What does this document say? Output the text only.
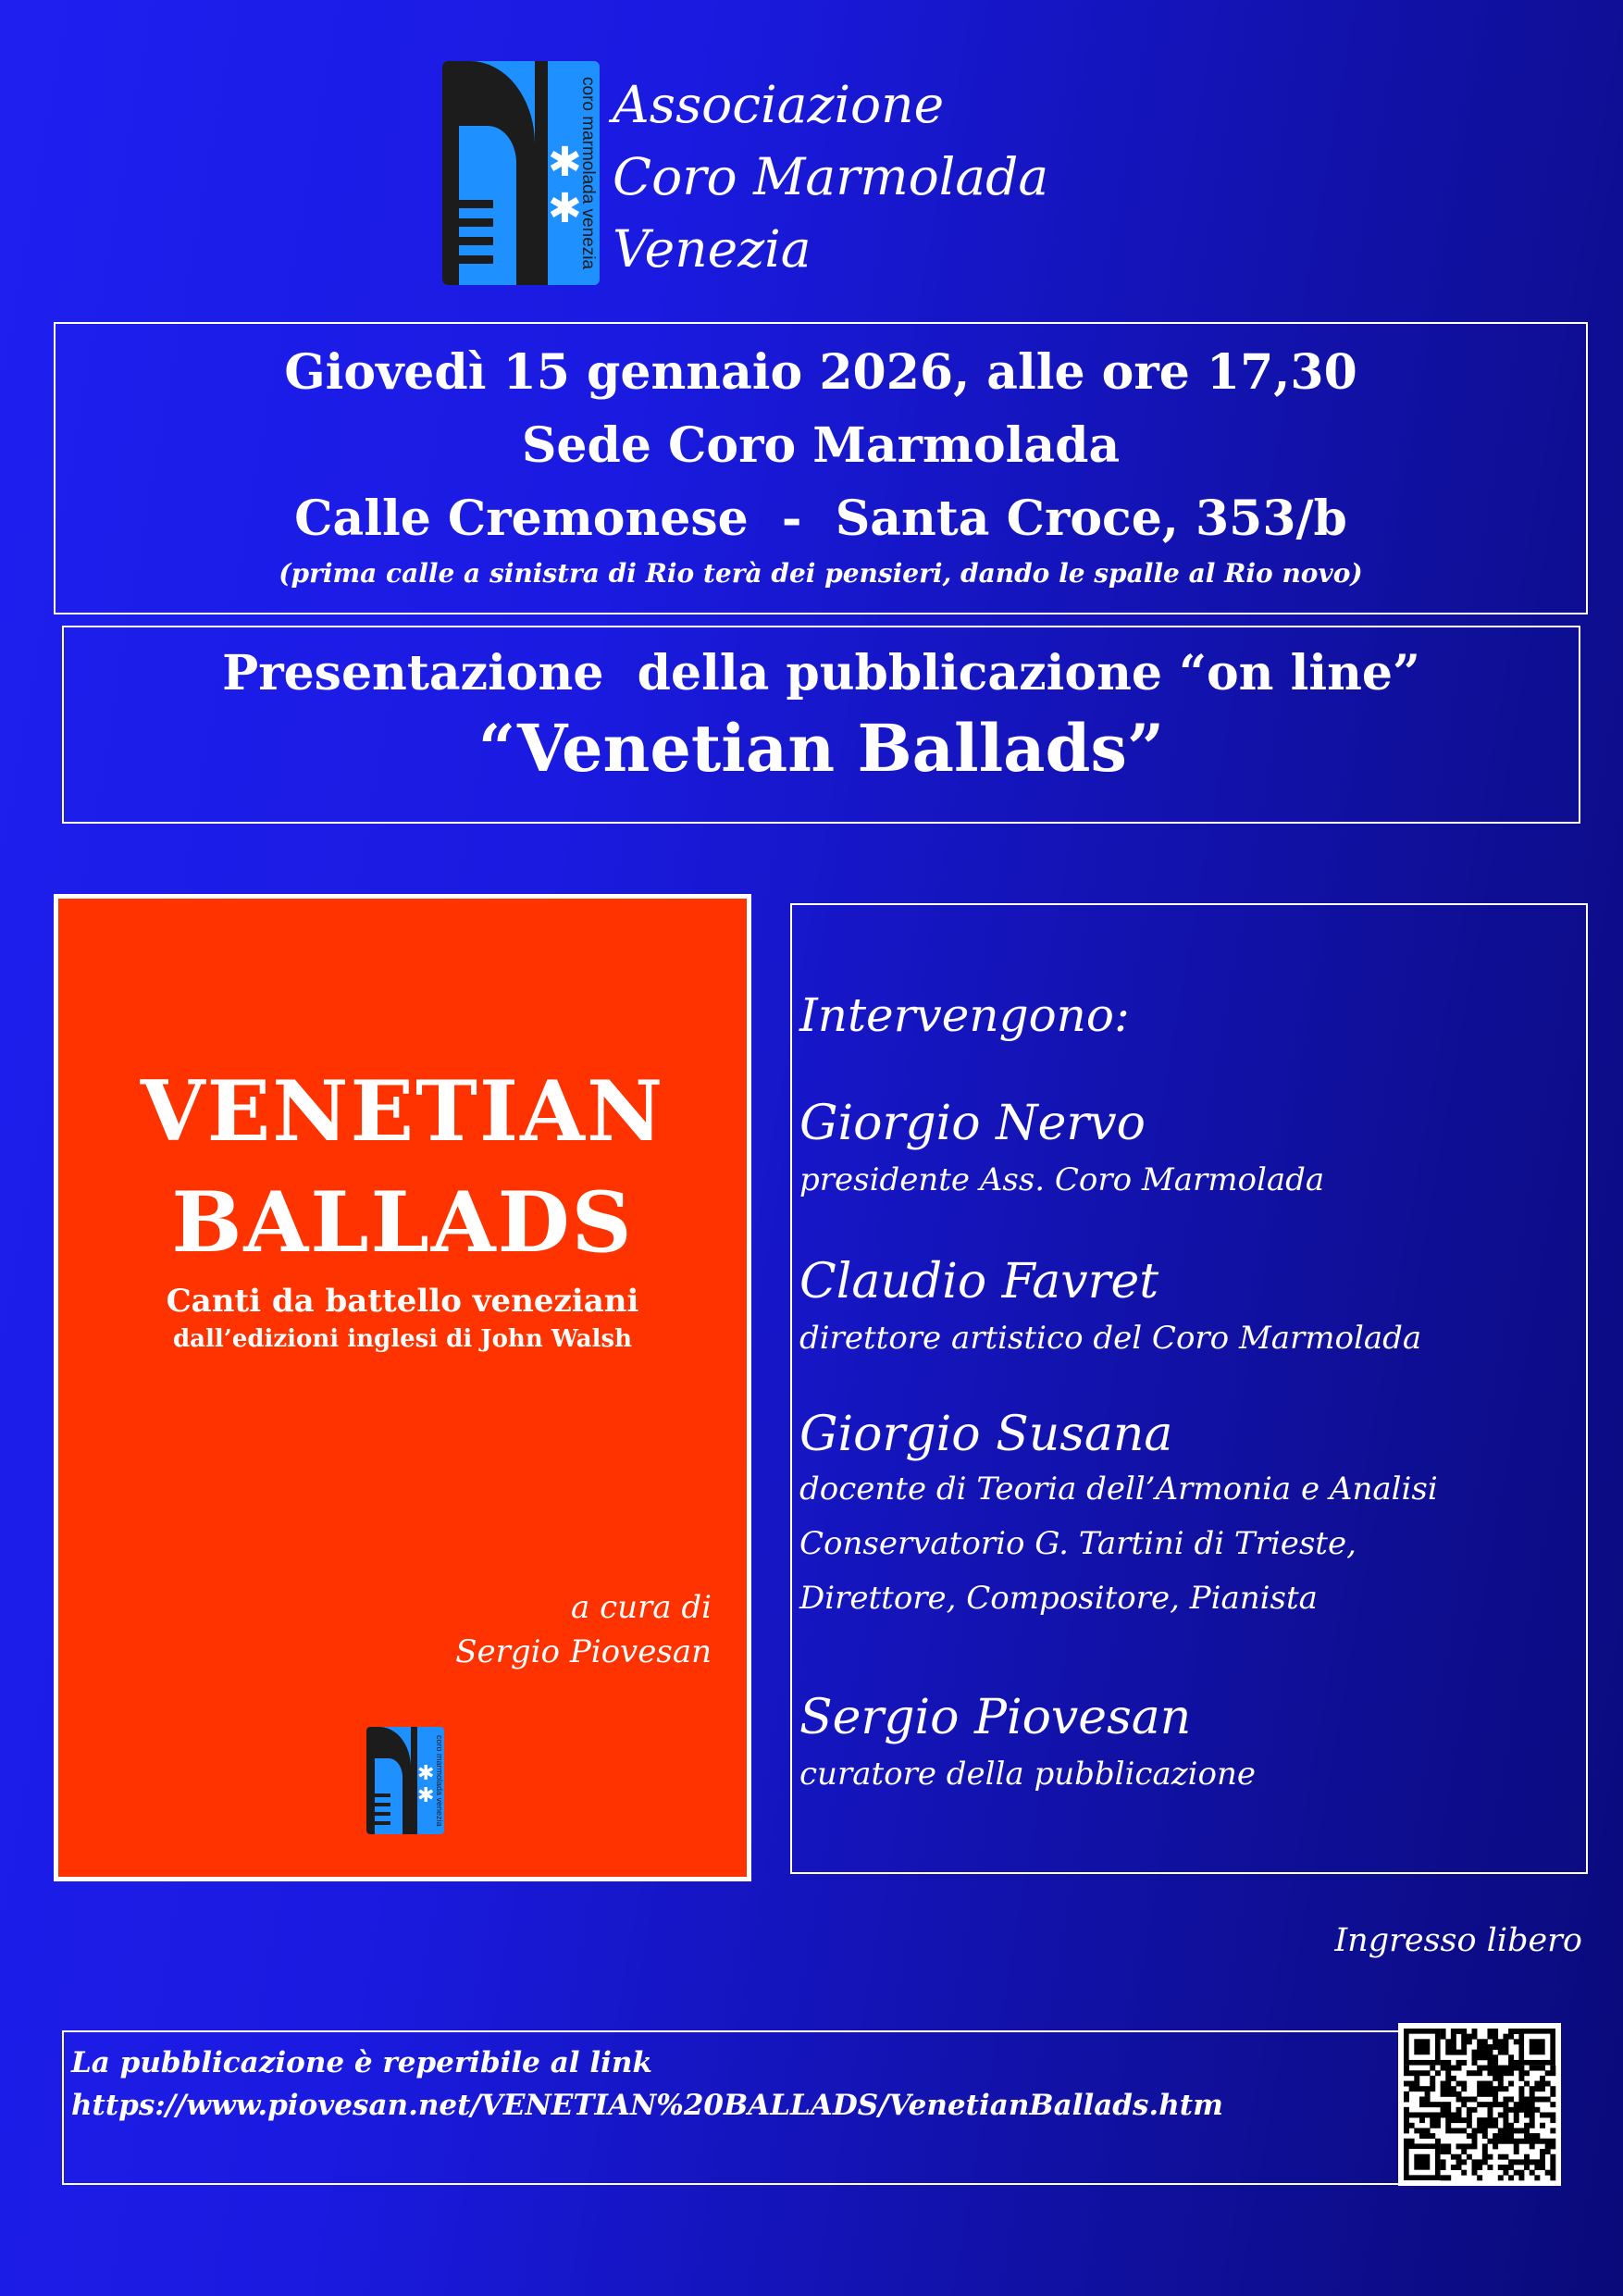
✱
✱
coro marmolada venezia Associazione
Coro Marmolada
Venezia
Giovedì 15 gennaio 2026, alle ore 17,30
Sede Coro Marmolada
Calle Cremonese  -  Santa Croce, 353/b
(prima calle a sinistra di Rio terà dei pensieri, dando le spalle al Rio novo)
Presentazione  della pubblicazione “on line”
“Venetian Ballads”
VENETIAN
BALLADS
Canti da battello veneziani
dall’edizioni inglesi di John Walsh
a cura di
Sergio Piovesan
✱
✱ coro marmolada venezia
Intervengono:
Giorgio Nervo
presidente Ass. Coro Marmolada
Claudio Favret
direttore artistico del Coro Marmolada
Giorgio Susana
docente di Teoria dell’Armonia e Analisi
Conservatorio G. Tartini di Trieste,
Direttore, Compositore, Pianista
Sergio Piovesan
curatore della pubblicazione
Ingresso libero
La pubblicazione è reperibile al link
https://www.piovesan.net/VENETIAN%20BALLADS/VenetianBallads.htm
